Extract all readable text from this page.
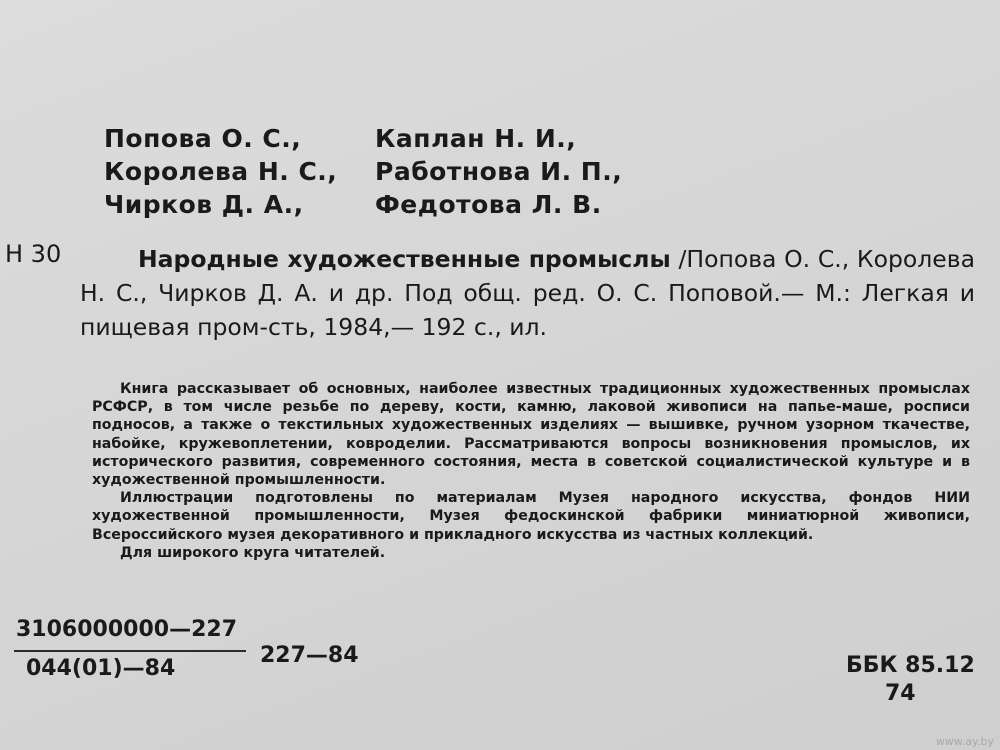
Попова О. С.,
Королева Н. С.,
Чирков Д. А.,
Каплан Н. И.,
Работнова И. П.,
Федотова Л. В.
Н 30	Народные художественные промыслы /Попова О. С., Королева Н. С., Чирков Д. А. и др. Под общ. ред. О. С. Поповой.— М.: Легкая и пищевая пром-сть, 1984,— 192 с., ил.

Книга рассказывает об основных, наиболее известных традиционных художественных промыслах РСФСР, в том числе резьбе по дереву, кости, камню, лаковой живописи на папье-маше, росписи подносов, а также о текстильных художественных изделиях — вышивке, ручном узорном ткачестве, набойке, кружевоплетении, ковроделии. Рассматриваются вопросы возникновения промыслов, их исторического развития, современного состояния, места в советской социалистической культуре и в художественной промышленности.

Иллюстрации подготовлены по материалам Музея народного искусства, фондов НИИ художественной промышленности, Музея федоскинской фабрики миниатюрной живописи, Всероссийского музея декоративного и прикладного искусства из частных коллекций.

Для широкого круга читателей.

3106000000—227
044(01)—84
227—84	ББК 85.12
74
www.ay.by
